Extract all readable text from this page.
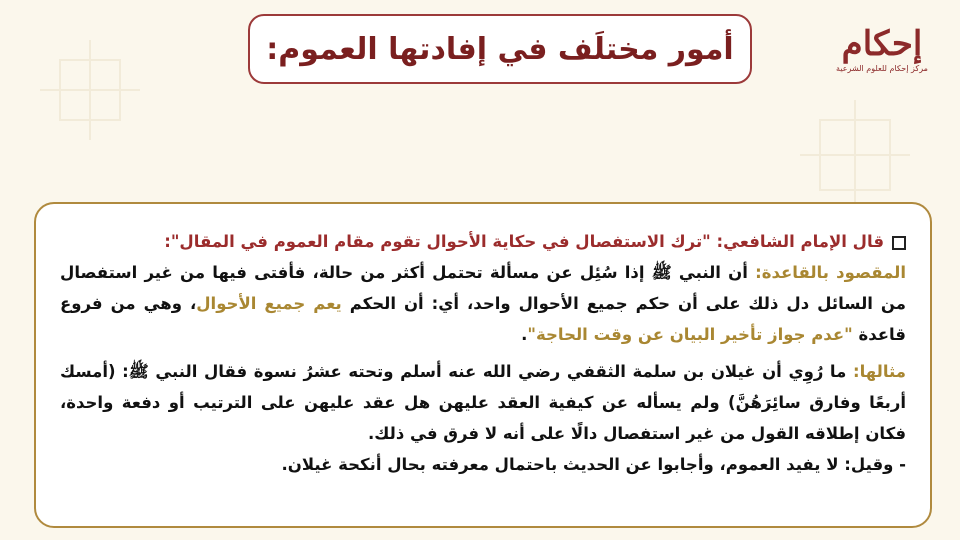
أمور مختلَف في إفادتها العموم:	إحكام
مركز إحكام للعلوم الشرعية

قال الإمام الشافعي: "ترك الاستفصال في حكاية الأحوال تقوم مقام العموم في المقال":

المقصود بالقاعدة: أن النبي ﷺ إذا سُئِل عن مسألة تحتمل أكثر من حالة، فأفتى فيها من غير استفصال من السائل دل ذلك على أن حكم جميع الأحوال واحد، أي: أن الحكم يعم جميع الأحوال، وهي من فروع قاعدة "عدم جواز تأخير البيان عن وقت الحاجة".

مثالها: ما رُوِي أن غيلان بن سلمة الثقفي رضي الله عنه أسلم وتحته عشرُ نسوة فقال النبي ﷺ: (أمسك أربعًا وفارق سائِرَهُنَّ) ولم يسأله عن كيفية العقد عليهن هل عقد عليهن على الترتيب أو دفعة واحدة، فكان إطلاقه القول من غير استفصال دالًا على أنه لا فرق في ذلك.

- وقيل: لا يفيد العموم، وأجابوا عن الحديث باحتمال معرفته بحال أنكحة غيلان.
